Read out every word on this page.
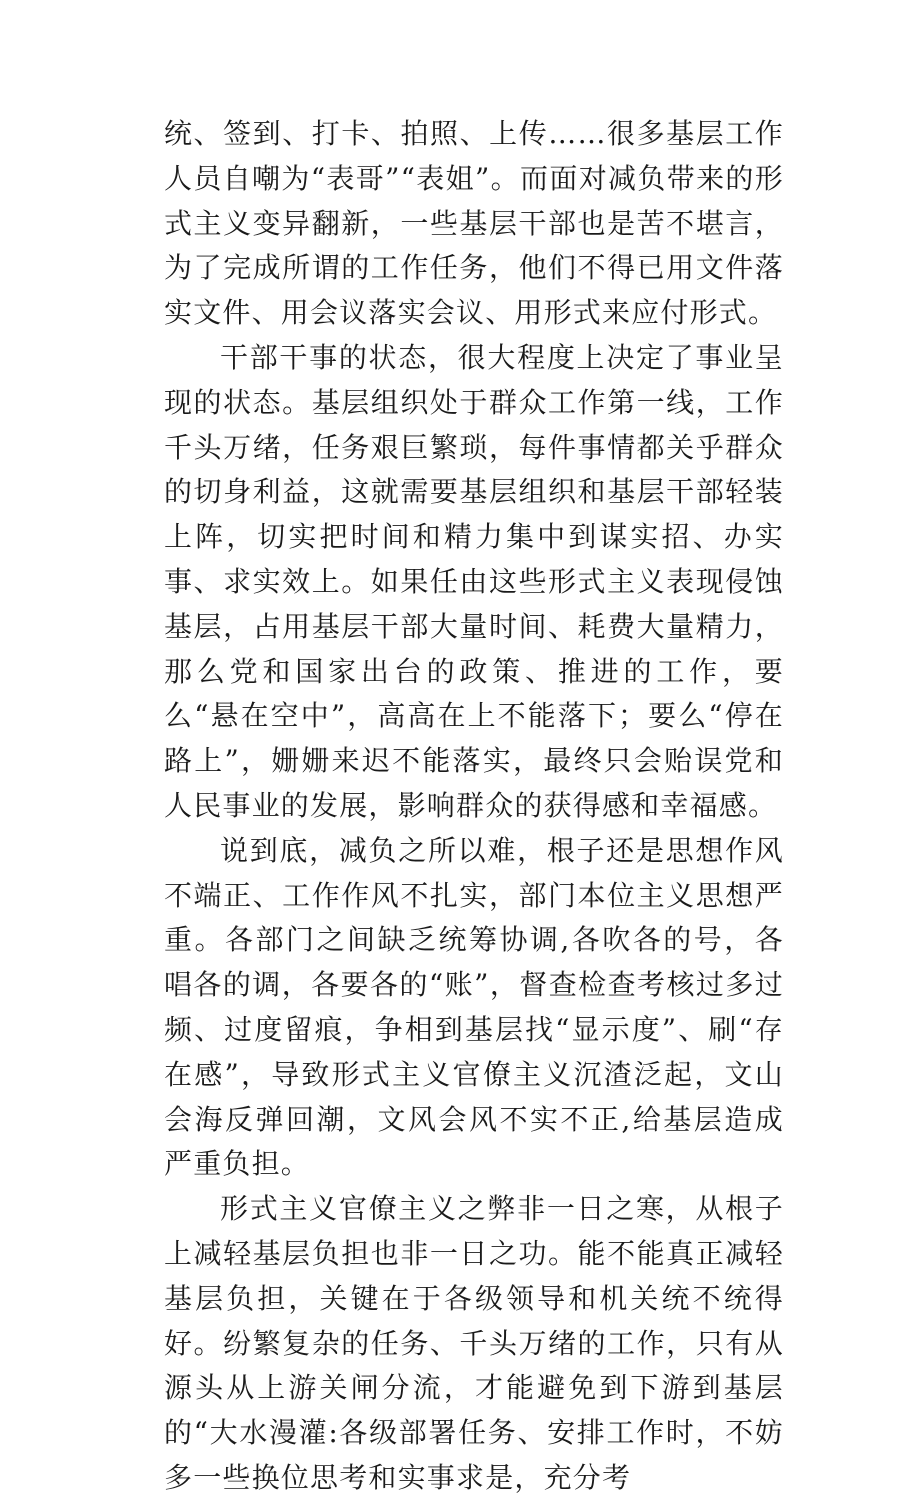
统、签到、打卡、拍照、上传……很多基层工作人员自嘲为“表哥”“表姐”。而面对减负带来的形式主义变异翻新，一些基层干部也是苦不堪言，为了完成所谓的工作任务，他们不得已用文件落实文件、用会议落实会议、用形式来应付形式。

干部干事的状态，很大程度上决定了事业呈现的状态。基层组织处于群众工作第一线，工作千头万绪，任务艰巨繁琐，每件事情都关乎群众的切身利益，这就需要基层组织和基层干部轻装上阵，切实把时间和精力集中到谋实招、办实事、求实效上。如果任由这些形式主义表现侵蚀基层，占用基层干部大量时间、耗费大量精力，那么党和国家出台的政策、推进的工作，要么“悬在空中”，高高在上不能落下；要么“停在路上”，姗姗来迟不能落实，最终只会贻误党和人民事业的发展，影响群众的获得感和幸福感。

说到底，减负之所以难，根子还是思想作风不端正、工作作风不扎实，部门本位主义思想严重。各部门之间缺乏统筹协调,各吹各的号，各唱各的调，各要各的“账”，督查检查考核过多过频、过度留痕，争相到基层找“显示度”、刷“存在感”，导致形式主义官僚主义沉渣泛起，文山会海反弹回潮，文风会风不实不正,给基层造成严重负担。

形式主义官僚主义之弊非一日之寒，从根子上减轻基层负担也非一日之功。能不能真正减轻基层负担，关键在于各级领导和机关统不统得好。纷繁复杂的任务、千头万绪的工作，只有从源头从上游关闸分流，才能避免到下游到基层的“大水漫灌:各级部署任务、安排工作时，不妨多一些换位思考和实事求是，充分考
